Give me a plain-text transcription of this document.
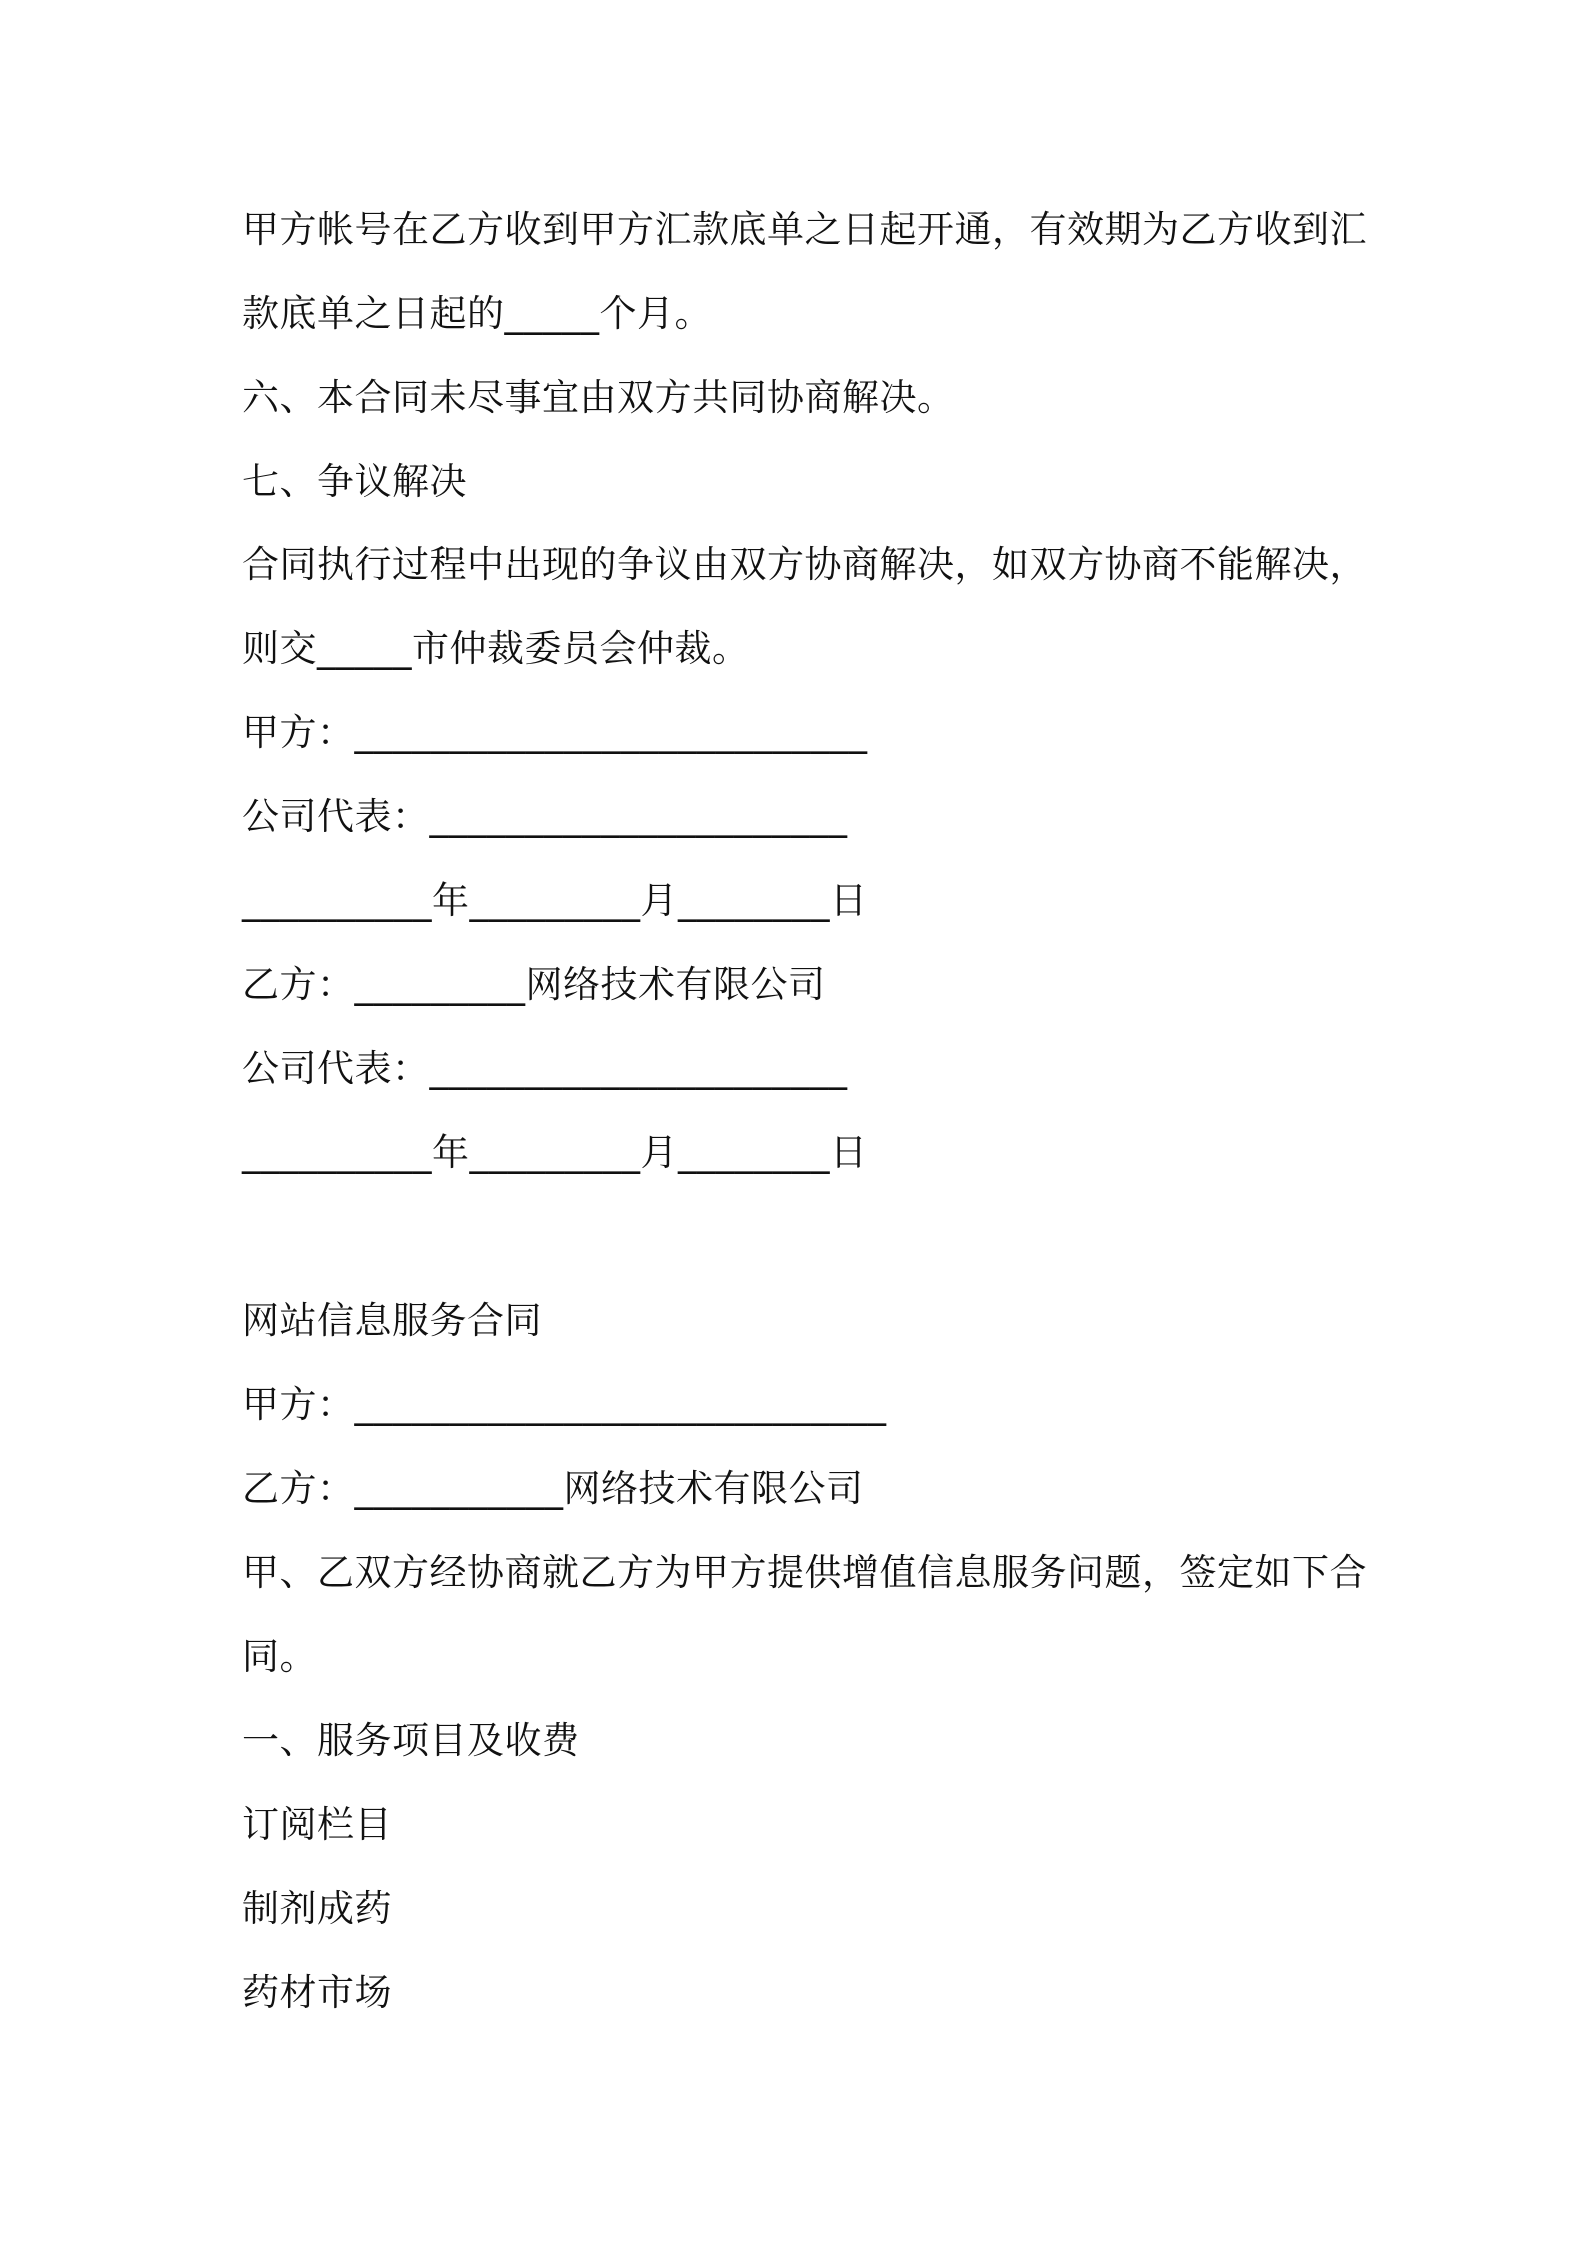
甲方帐号在乙方收到甲方汇款底单之日起开通，有效期为乙方收到汇
款底单之日起的_____个月。
六、本合同未尽事宜由双方共同协商解决。
七、争议解决
合同执行过程中出现的争议由双方协商解决，如双方协商不能解决，
则交_____市仲裁委员会仲裁。
甲方：___________________________
公司代表：______________________
__________年_________月________日
乙方：_________网络技术有限公司
公司代表：______________________
__________年_________月________日
网站信息服务合同
甲方：____________________________
乙方：___________网络技术有限公司
甲、乙双方经协商就乙方为甲方提供增值信息服务问题，签定如下合
同。
一、服务项目及收费
订阅栏目
制剂成药
药材市场
